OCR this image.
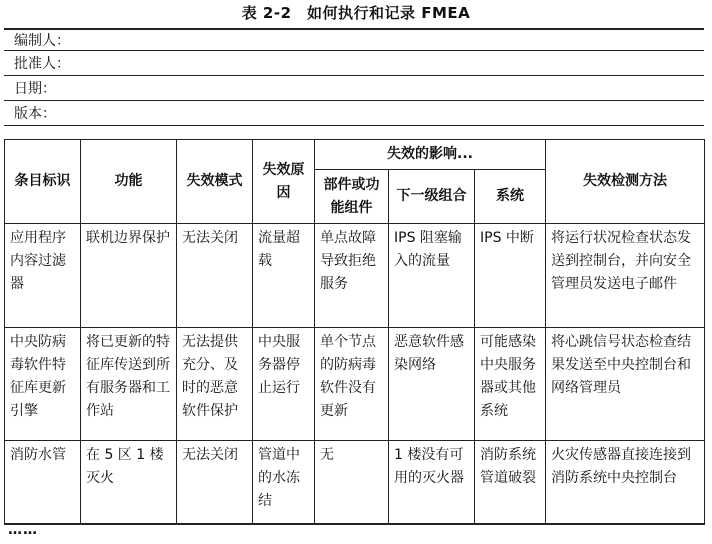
表 2-2　如何执行和记录 FMEA
编制人：
批准人：
日期：
版本：
条目标识	功能	失效模式	失效原因	失效的影响...			失效检测方法
				部件或功能组件	下一级组合	系统	
应用程序内容过滤器	联机边界保护	无法关闭	流量超载	单点故障导致拒绝服务	IPS 阻塞输入的流量	IPS 中断	将运行状况检查状态发送到控制台，并向安全管理员发送电子邮件
中央防病毒软件特征库更新引擎	将已更新的特征库传送到所有服务器和工作站	无法提供充分、及时的恶意软件保护	中央服务器停止运行	单个节点的防病毒软件没有更新	恶意软件感染网络	可能感染中央服务器或其他系统	将心跳信号状态检查结果发送至中央控制台和网络管理员
消防水管	在 5 区 1 楼灭火	无法关闭	管道中的水冻结	无	1 楼没有可用的灭火器	消防系统管道破裂	火灾传感器直接连接到消防系统中央控制台
……
